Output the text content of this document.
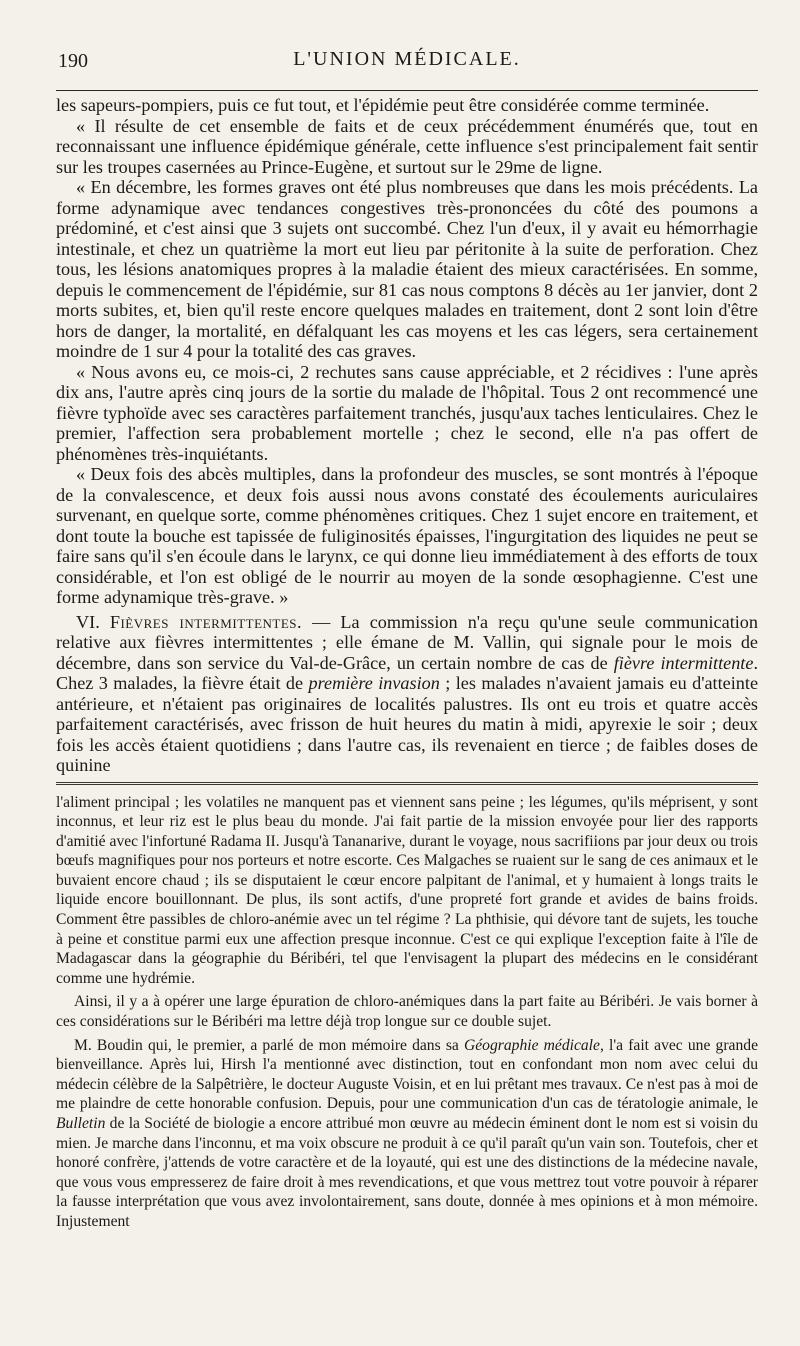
190	L'UNION MÉDICALE.

les sapeurs-pompiers, puis ce fut tout, et l'épidémie peut être considérée comme terminée.

« Il résulte de cet ensemble de faits et de ceux précédemment énumérés que, tout en reconnaissant une influence épidémique générale, cette influence s'est principalement fait sentir sur les troupes casernées au Prince-Eugène, et surtout sur le 29me de ligne.

« En décembre, les formes graves ont été plus nombreuses que dans les mois précédents. La forme adynamique avec tendances congestives très-prononcées du côté des poumons a prédominé, et c'est ainsi que 3 sujets ont succombé. Chez l'un d'eux, il y avait eu hémorrhagie intestinale, et chez un quatrième la mort eut lieu par péritonite à la suite de perforation. Chez tous, les lésions anatomiques propres à la maladie étaient des mieux caractérisées. En somme, depuis le commencement de l'épidémie, sur 81 cas nous comptons 8 décès au 1er janvier, dont 2 morts subites, et, bien qu'il reste encore quelques malades en traitement, dont 2 sont loin d'être hors de danger, la mortalité, en défalquant les cas moyens et les cas légers, sera certainement moindre de 1 sur 4 pour la totalité des cas graves.

« Nous avons eu, ce mois-ci, 2 rechutes sans cause appréciable, et 2 récidives : l'une après dix ans, l'autre après cinq jours de la sortie du malade de l'hôpital. Tous 2 ont recommencé une fièvre typhoïde avec ses caractères parfaitement tranchés, jusqu'aux taches lenticulaires. Chez le premier, l'affection sera probablement mortelle ; chez le second, elle n'a pas offert de phénomènes très-inquiétants.

« Deux fois des abcès multiples, dans la profondeur des muscles, se sont montrés à l'époque de la convalescence, et deux fois aussi nous avons constaté des écoulements auriculaires survenant, en quelque sorte, comme phénomènes critiques. Chez 1 sujet encore en traitement, et dont toute la bouche est tapissée de fuliginosités épaisses, l'ingurgitation des liquides ne peut se faire sans qu'il s'en écoule dans le larynx, ce qui donne lieu immédiatement à des efforts de toux considérable, et l'on est obligé de le nourrir au moyen de la sonde œsophagienne. C'est une forme adynamique très-grave. »

VI. Fièvres intermittentes. — La commission n'a reçu qu'une seule communication relative aux fièvres intermittentes ; elle émane de M. Vallin, qui signale pour le mois de décembre, dans son service du Val-de-Grâce, un certain nombre de cas de fièvre intermittente. Chez 3 malades, la fièvre était de première invasion ; les malades n'avaient jamais eu d'atteinte antérieure, et n'étaient pas originaires de localités palustres. Ils ont eu trois et quatre accès parfaitement caractérisés, avec frisson de huit heures du matin à midi, apyrexie le soir ; deux fois les accès étaient quotidiens ; dans l'autre cas, ils revenaient en tierce ; de faibles doses de quinine

l'aliment principal ; les volatiles ne manquent pas et viennent sans peine ; les légumes, qu'ils méprisent, y sont inconnus, et leur riz est le plus beau du monde. J'ai fait partie de la mission envoyée pour lier des rapports d'amitié avec l'infortuné Radama II. Jusqu'à Tananarive, durant le voyage, nous sacrifiions par jour deux ou trois bœufs magnifiques pour nos porteurs et notre escorte. Ces Malgaches se ruaient sur le sang de ces animaux et le buvaient encore chaud ; ils se disputaient le cœur encore palpitant de l'animal, et y humaient à longs traits le liquide encore bouillonnant. De plus, ils sont actifs, d'une propreté fort grande et avides de bains froids. Comment être passibles de chloro-anémie avec un tel régime ? La phthisie, qui dévore tant de sujets, les touche à peine et constitue parmi eux une affection presque inconnue. C'est ce qui explique l'exception faite à l'île de Madagascar dans la géographie du Béribéri, tel que l'envisagent la plupart des médecins en le considérant comme une hydrémie.

Ainsi, il y a à opérer une large épuration de chloro-anémiques dans la part faite au Béribéri. Je vais borner à ces considérations sur le Béribéri ma lettre déjà trop longue sur ce double sujet.

M. Boudin qui, le premier, a parlé de mon mémoire dans sa Géographie médicale, l'a fait avec une grande bienveillance. Après lui, Hirsh l'a mentionné avec distinction, tout en confondant mon nom avec celui du médecin célèbre de la Salpêtrière, le docteur Auguste Voisin, et en lui prêtant mes travaux. Ce n'est pas à moi de me plaindre de cette honorable confusion. Depuis, pour une communication d'un cas de tératologie animale, le Bulletin de la Société de biologie a encore attribué mon œuvre au médecin éminent dont le nom est si voisin du mien. Je marche dans l'inconnu, et ma voix obscure ne produit à ce qu'il paraît qu'un vain son. Toutefois, cher et honoré confrère, j'attends de votre caractère et de la loyauté, qui est une des distinctions de la médecine navale, que vous vous empresserez de faire droit à mes revendications, et que vous mettrez tout votre pouvoir à réparer la fausse interprétation que vous avez involontairement, sans doute, donnée à mes opinions et à mon mémoire. Injustement
